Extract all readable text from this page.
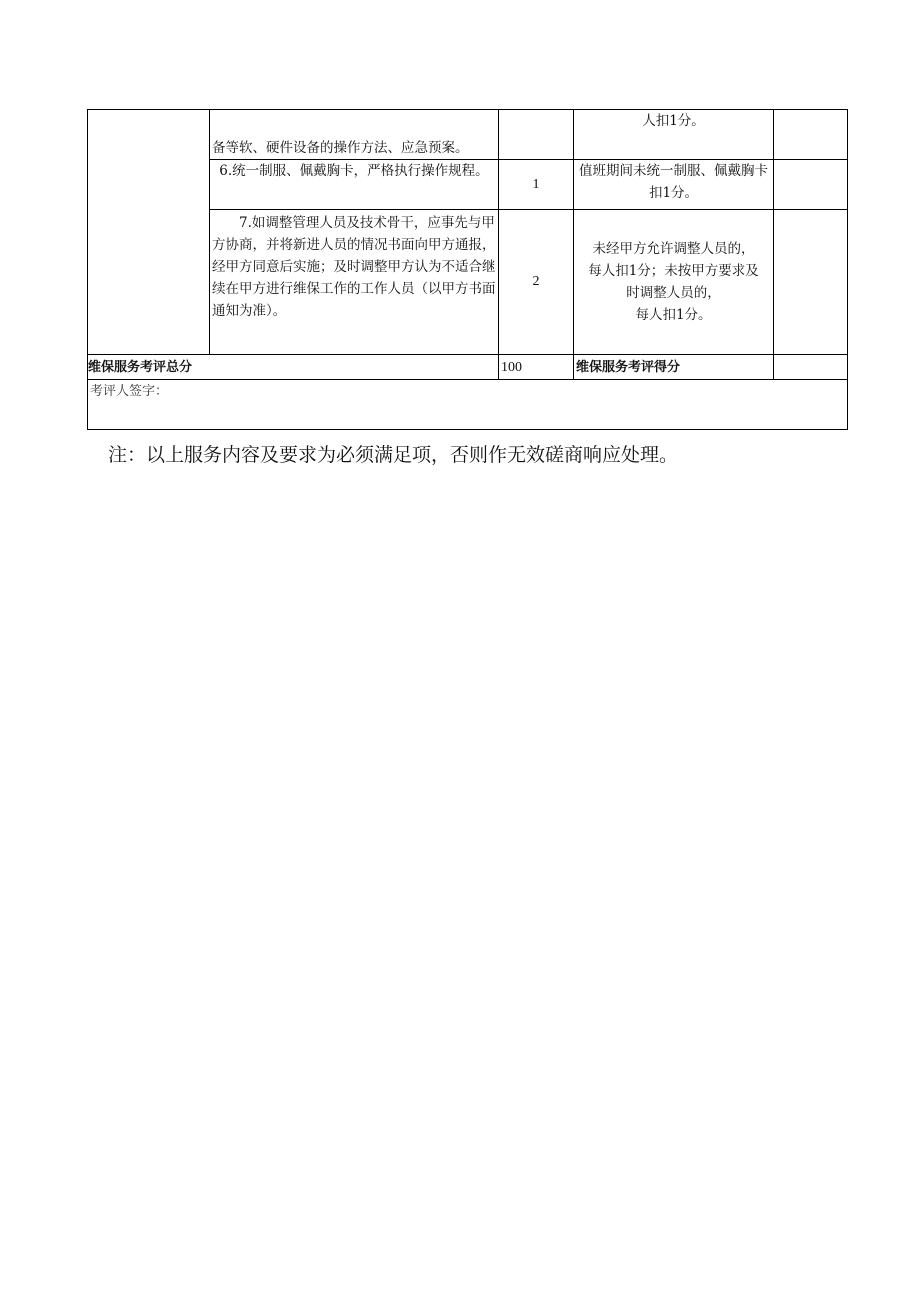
	备等软、硬件设备的操作方法、应急预案。		人扣1分。	
	6.统一制服、佩戴胸卡，严格执行操作规程。	1	值班期间未统一制服、佩戴胸卡扣1分。	
	7.如调整管理人员及技术骨干，应事先与甲方协商，并将新进人员的情况书面向甲方通报，经甲方同意后实施；及时调整甲方认为不适合继续在甲方进行维保工作的工作人员（以甲方书面通知为准）。	2	未经甲方允许调整人员的，
每人扣1分；未按甲方要求及
时调整人员的，
每人扣1分。	

维保服务考评总分		100	维保服务考评得分	
考评人签字：				
注：以上服务内容及要求为必须满足项，否则作无效磋商响应处理。
